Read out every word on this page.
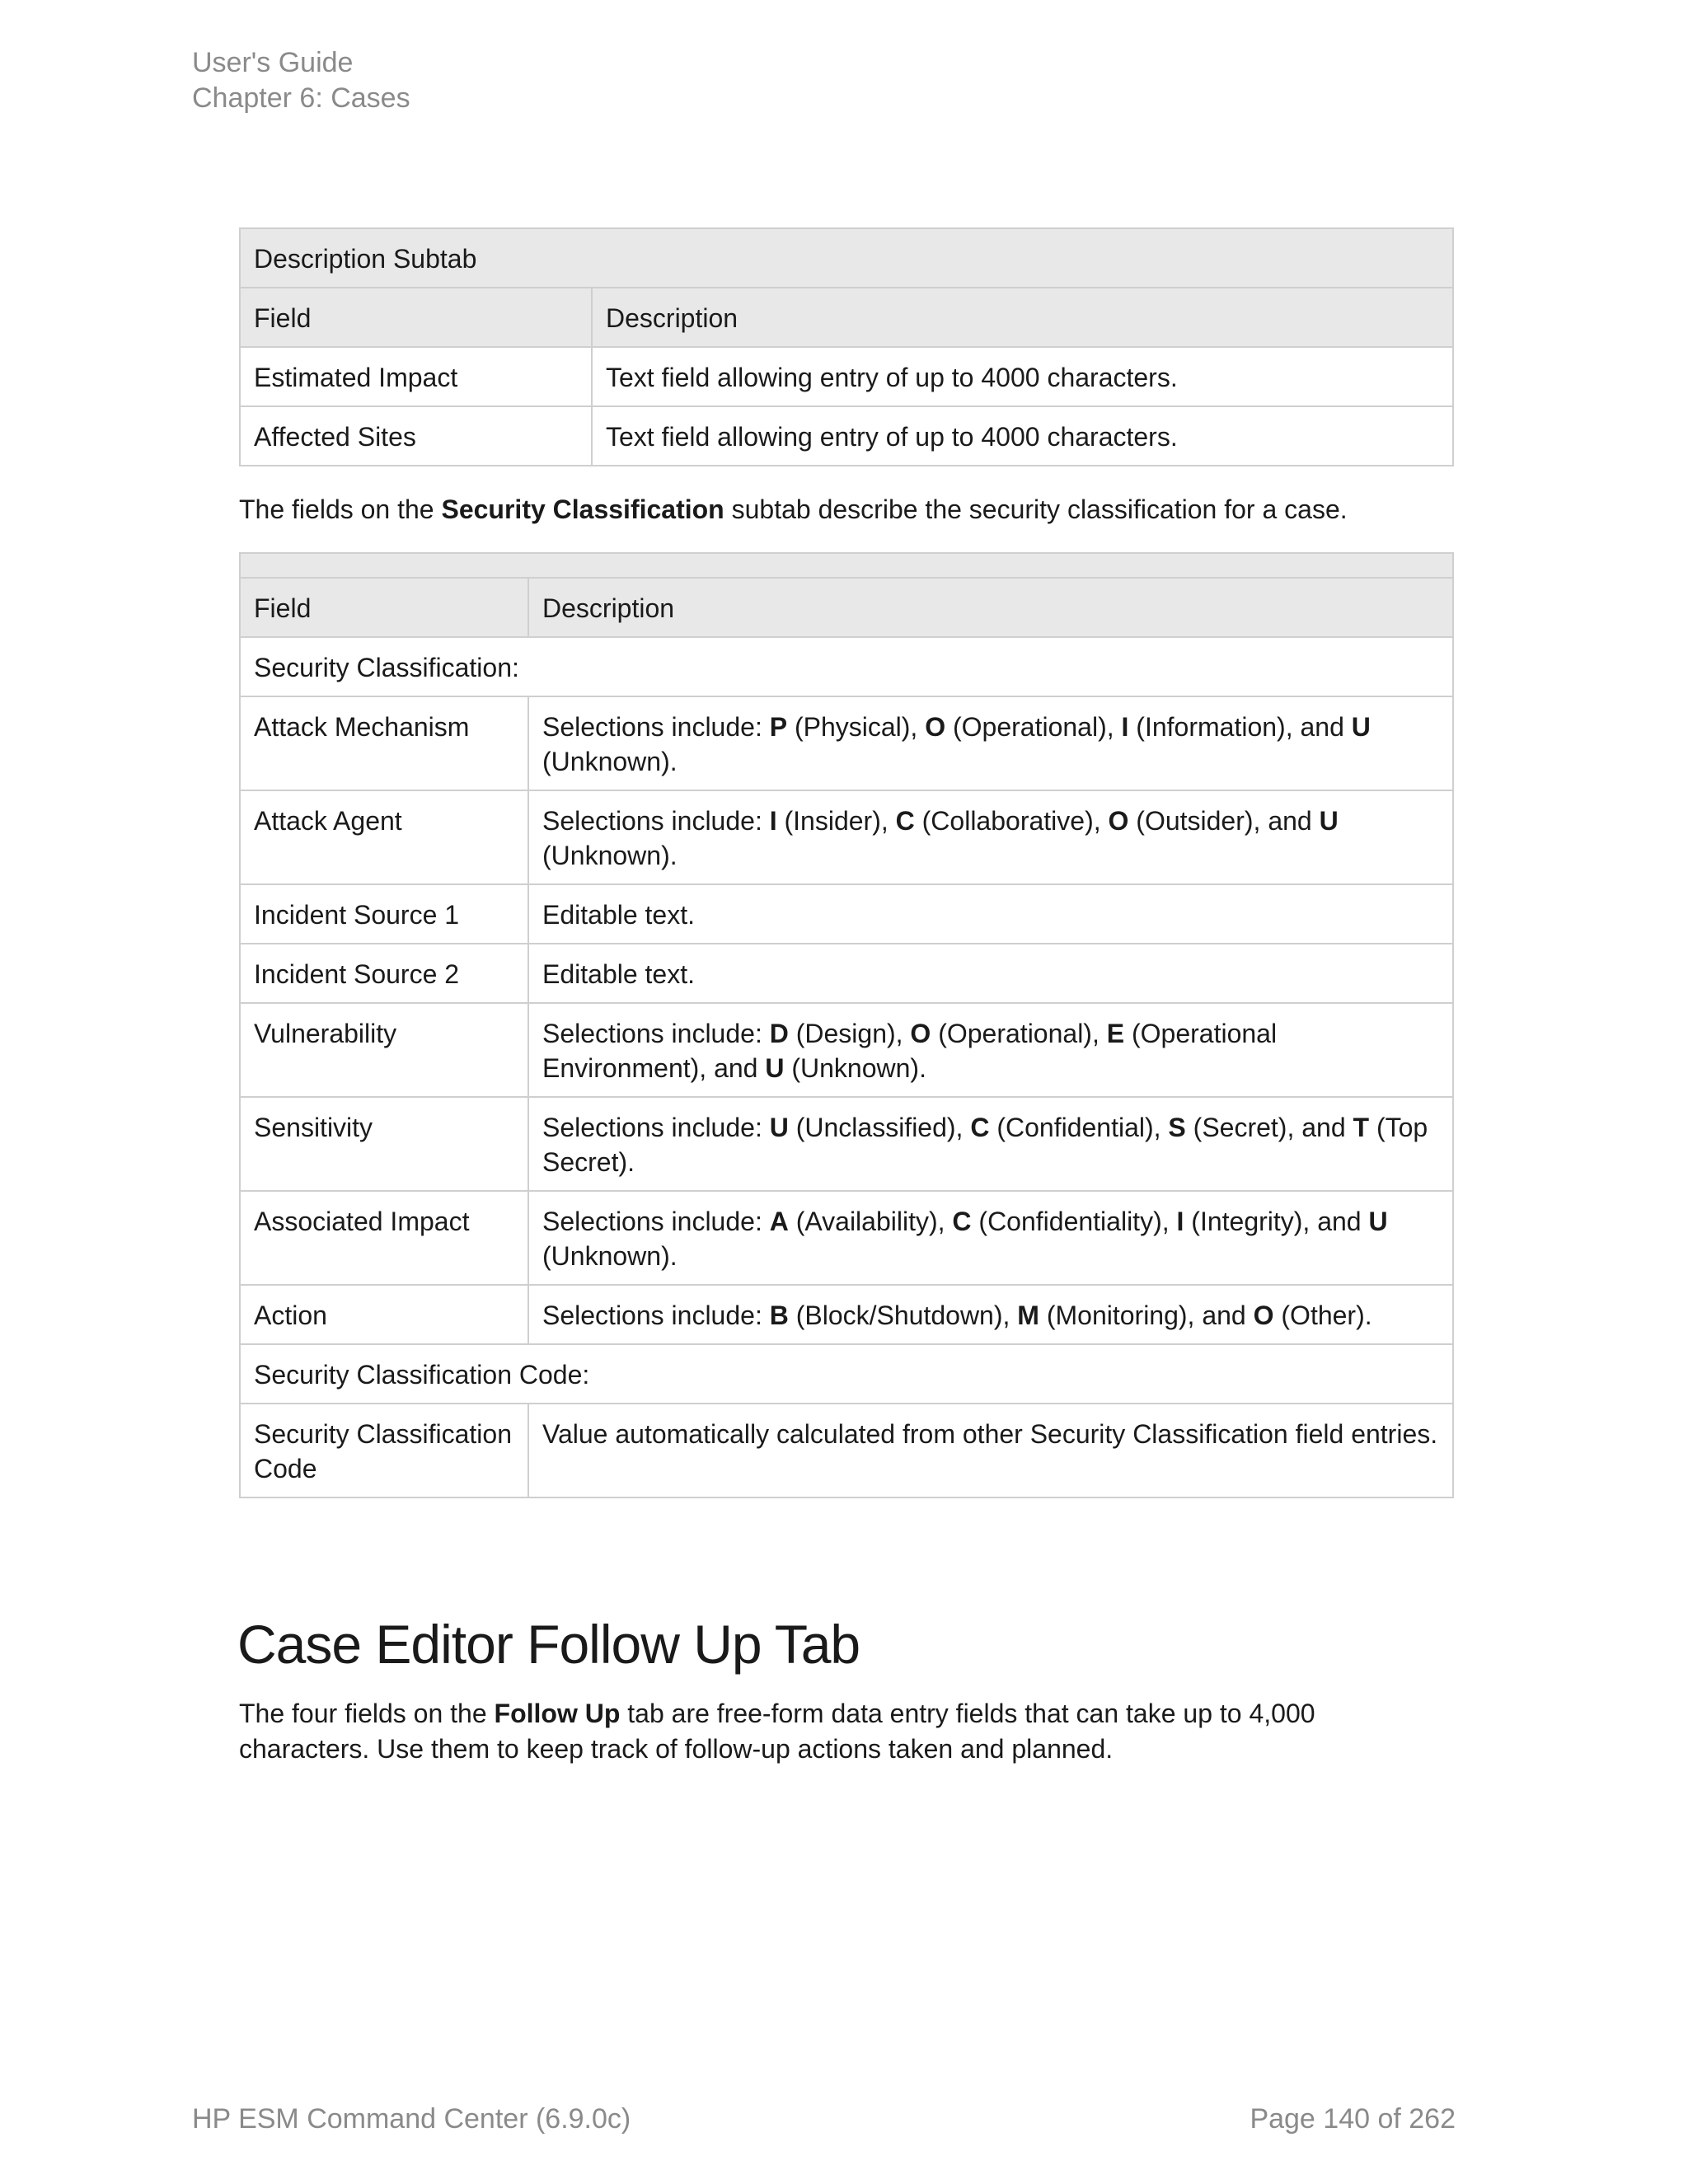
User's Guide
Chapter 6: Cases
Description Subtab	
Field	Description
Estimated Impact	Text field allowing entry of up to 4000 characters.
Affected Sites	Text field allowing entry of up to 4000 characters.

The fields on the Security Classification subtab describe the security classification for a case.

Field	Description
Security Classification:	
Attack Mechanism	Selections include: P (Physical), O (Operational), I (Information), and U (Unknown).
Attack Agent	Selections include: I (Insider), C (Collaborative), O (Outsider), and U (Unknown).
Incident Source 1	Editable text.
Incident Source 2	Editable text.
Vulnerability	Selections include: D (Design), O (Operational), E (Operational Environment), and U (Unknown).
Sensitivity	Selections include: U (Unclassified), C (Confidential), S (Secret), and T (Top Secret).
Associated Impact	Selections include: A (Availability), C (Confidentiality), I (Integrity), and U (Unknown).
Action	Selections include: B (Block/Shutdown), M (Monitoring), and O (Other).
Security Classification Code:	
Security Classification Code	Value automatically calculated from other Security Classification field entries.
Case Editor Follow Up Tab

The four fields on the Follow Up tab are free-form data entry fields that can take up to 4,000 characters. Use them to keep track of follow-up actions taken and planned.

HP ESM Command Center (6.9.0c)	Page 140 of 262
